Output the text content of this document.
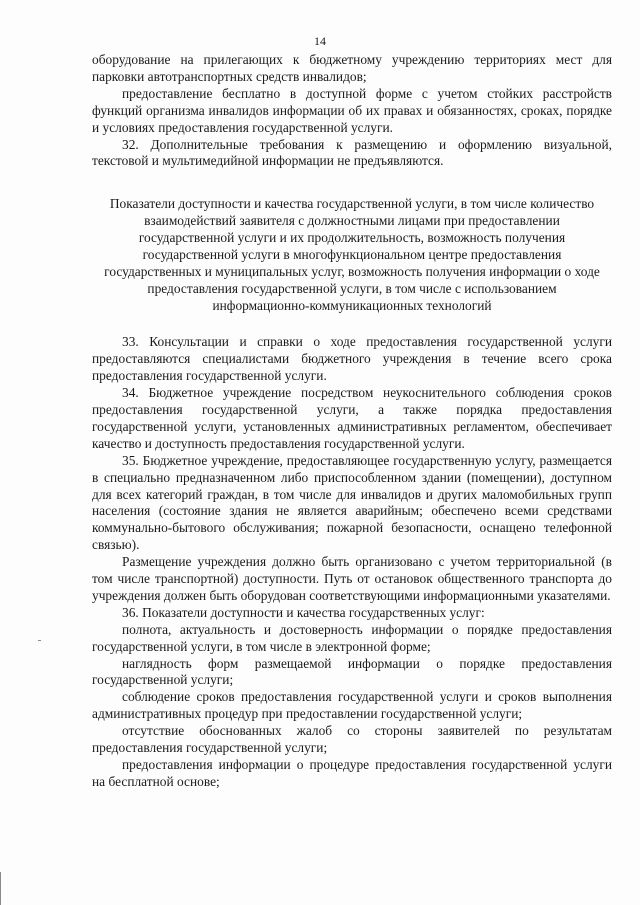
14

оборудование на прилегающих к бюджетному учреждению территориях мест для парковки автотранспортных средств инвалидов;

предоставление бесплатно в доступной форме с учетом стойких расстройств функций организма инвалидов информации об их правах и обязанностях, сроках, порядке и условиях предоставления государственной услуги.

32. Дополнительные требования к размещению и оформлению визуальной, текстовой и мультимедийной информации не предъявляются.

Показатели доступности и качества государственной услуги, в том числе количество взаимодействий заявителя с должностными лицами при предоставлении государственной услуги и их продолжительность, возможность получения государственной услуги в многофункциональном центре предоставления государственных и муниципальных услуг, возможность получения информации о ходе предоставления государственной услуги, в том числе с использованием информационно-коммуникационных технологий

33. Консультации и справки о ходе предоставления государственной услуги предоставляются специалистами бюджетного учреждения в течение всего срока предоставления государственной услуги.

34. Бюджетное учреждение посредством неукоснительного соблюдения сроков предоставления государственной услуги, а также порядка предоставления государственной услуги, установленных административных регламентом, обеспечивает качество и доступность предоставления государственной услуги.

35. Бюджетное учреждение, предоставляющее государственную услугу, размещается в специально предназначенном либо приспособленном здании (помещении), доступном для всех категорий граждан, в том числе для инвалидов и других маломобильных групп населения (состояние здания не является аварийным; обеспечено всеми средствами коммунально-бытового обслуживания; пожарной безопасности, оснащено телефонной связью).

Размещение учреждения должно быть организовано с учетом территориальной (в том числе транспортной) доступности. Путь от остановок общественного транспорта до учреждения должен быть оборудован соответствующими информационными указателями.

36. Показатели доступности и качества государственных услуг:

полнота, актуальность и достоверность информации о порядке предоставления государственной услуги, в том числе в электронной форме;

наглядность форм размещаемой информации о порядке предоставления государственной услуги;

соблюдение сроков предоставления государственной услуги и сроков выполнения административных процедур при предоставлении государственной услуги;

отсутствие обоснованных жалоб со стороны заявителей по результатам предоставления государственной услуги;

предоставления информации о процедуре предоставления государственной услуги на бесплатной основе;
